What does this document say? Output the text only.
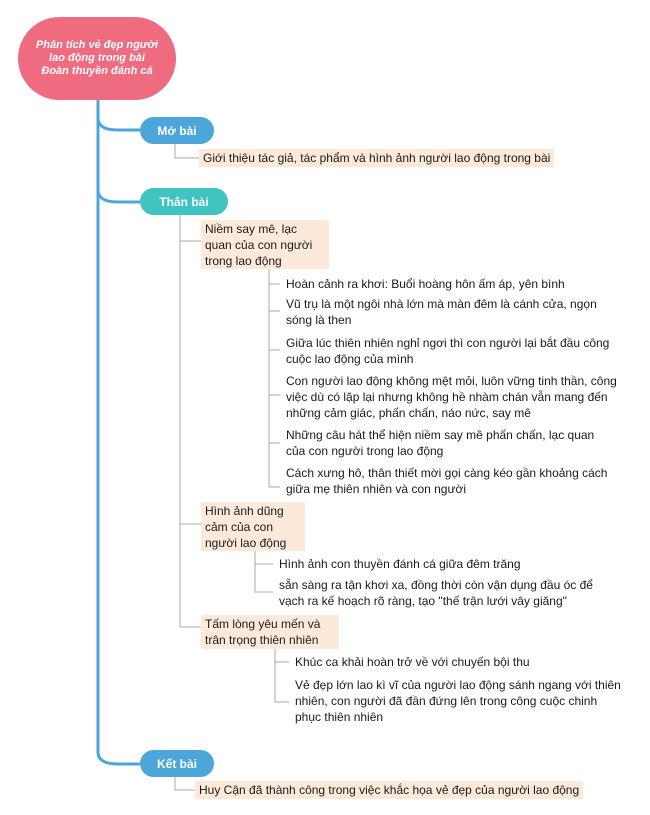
Phân tích vẻ đẹp người lao động trong bài Đoàn thuyền đánh cá
Mở bài
Giới thiệu tác giả, tác phẩm và hình ảnh người lao động trong bài
Thân bài
Niềm say mê, lạc quan của con người trong lao động
Hoàn cảnh ra khơi: Buổi hoàng hôn ấm áp, yên bình
Vũ trụ là một ngôi nhà lớn mà màn đêm là cánh cửa, ngọn sóng là then
Giữa lúc thiên nhiên nghỉ ngơi thì con người lại bắt đầu công cuộc lao động của mình
Con người lao động không mệt mỏi, luôn vững tinh thần, công việc dù có lặp lại nhưng không hề nhàm chán vẫn mang đến những cảm giác, phấn chấn, náo nức, say mê
Những câu hát thể hiện niềm say mê phấn chấn, lạc quan của con người trong lao động
Cách xưng hô, thân thiết mời gọi càng kéo gần khoảng cách giữa mẹ thiên nhiên và con người
Hình ảnh dũng cảm của con người lao động
Hình ảnh con thuyền đánh cá giữa đêm trăng
sẵn sàng ra tận khơi xa, đồng thời còn vận dụng đầu óc để vạch ra kế hoạch rõ ràng, tạo "thế trận lưới vây giăng"
Tấm lòng yêu mến và trân trọng thiên nhiên
Khúc ca khải hoàn trở về với chuyến bội thu
Vẻ đẹp lớn lao kì vĩ của người lao động sánh ngang với thiên nhiên, con người đã đần đứng lên trong công cuộc chinh phục thiên nhiên
Kết bài
Huy Cận đã thành công trong việc khắc họa vẻ đẹp của người lao động
